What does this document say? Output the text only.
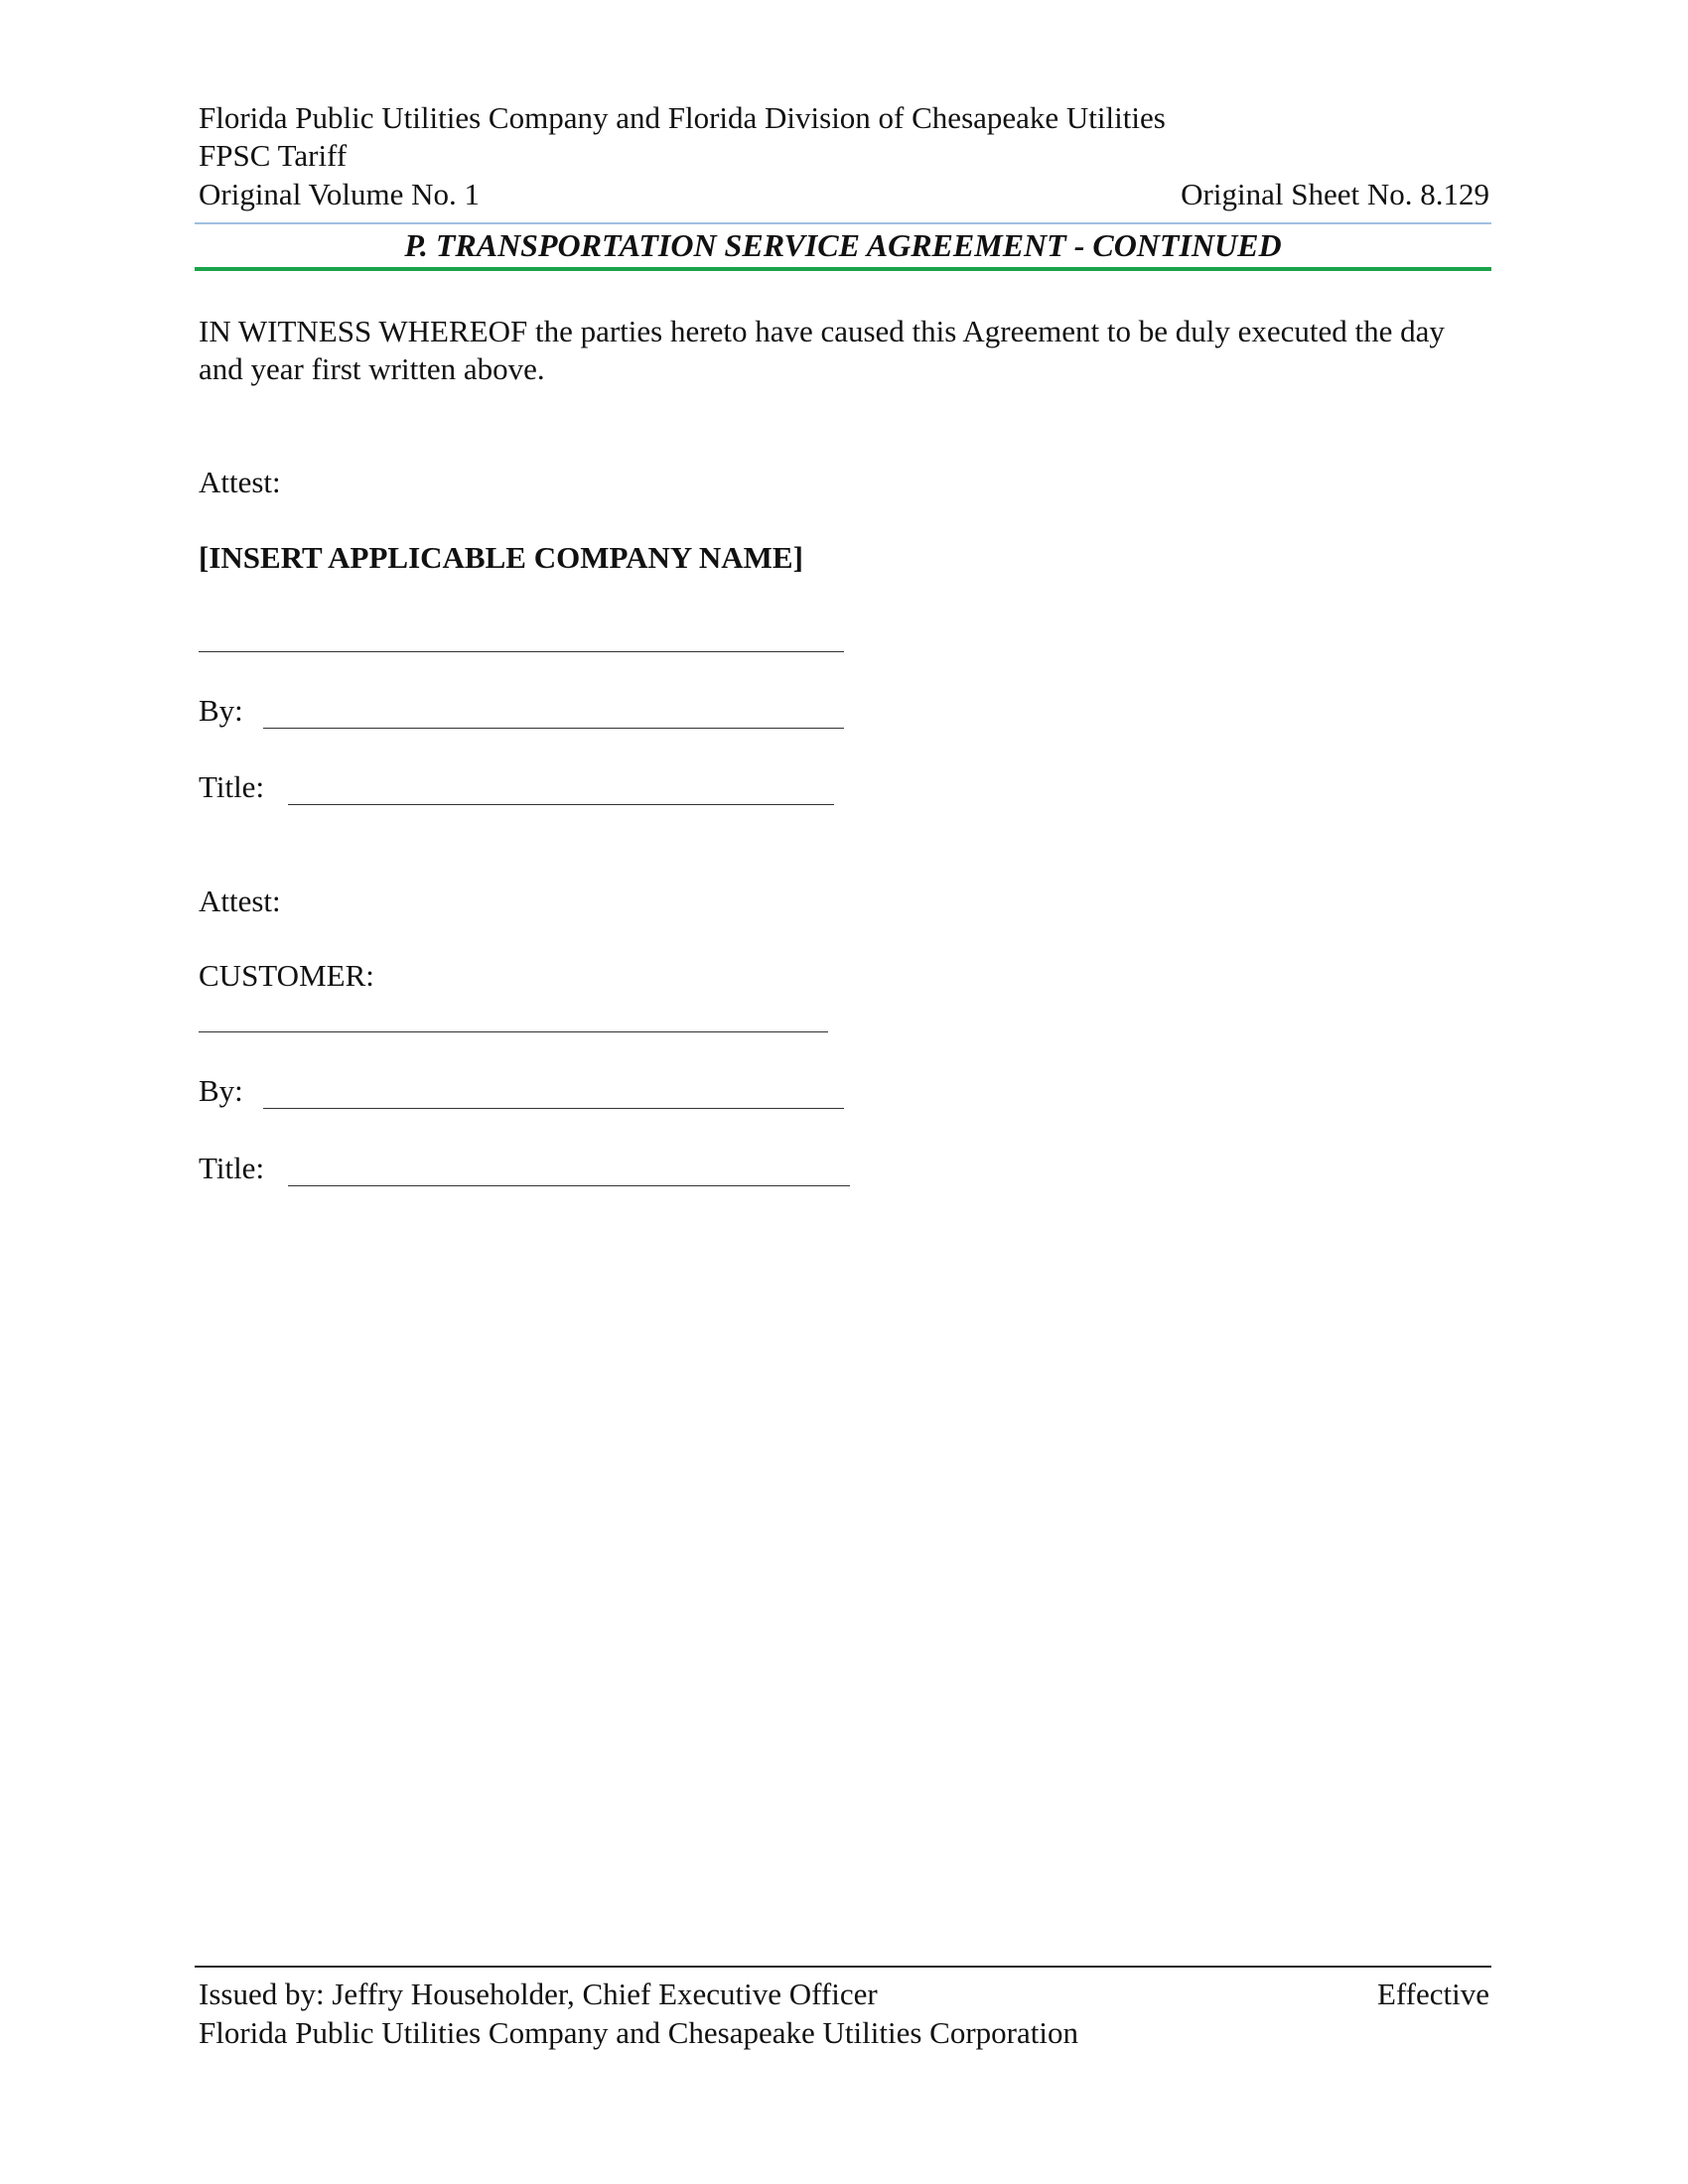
Florida Public Utilities Company and Florida Division of Chesapeake Utilities
FPSC Tariff
Original Volume No. 1	Original Sheet No. 8.129
P. TRANSPORTATION SERVICE AGREEMENT - CONTINUED
IN WITNESS WHEREOF the parties hereto have caused this Agreement to be duly executed the day and year first written above.
Attest:
[INSERT APPLICABLE COMPANY NAME]
By:
Title:
Attest:
CUSTOMER:
By:
Title:
Issued by: Jeffry Householder, Chief Executive Officer	Effective
Florida Public Utilities Company and Chesapeake Utilities Corporation
